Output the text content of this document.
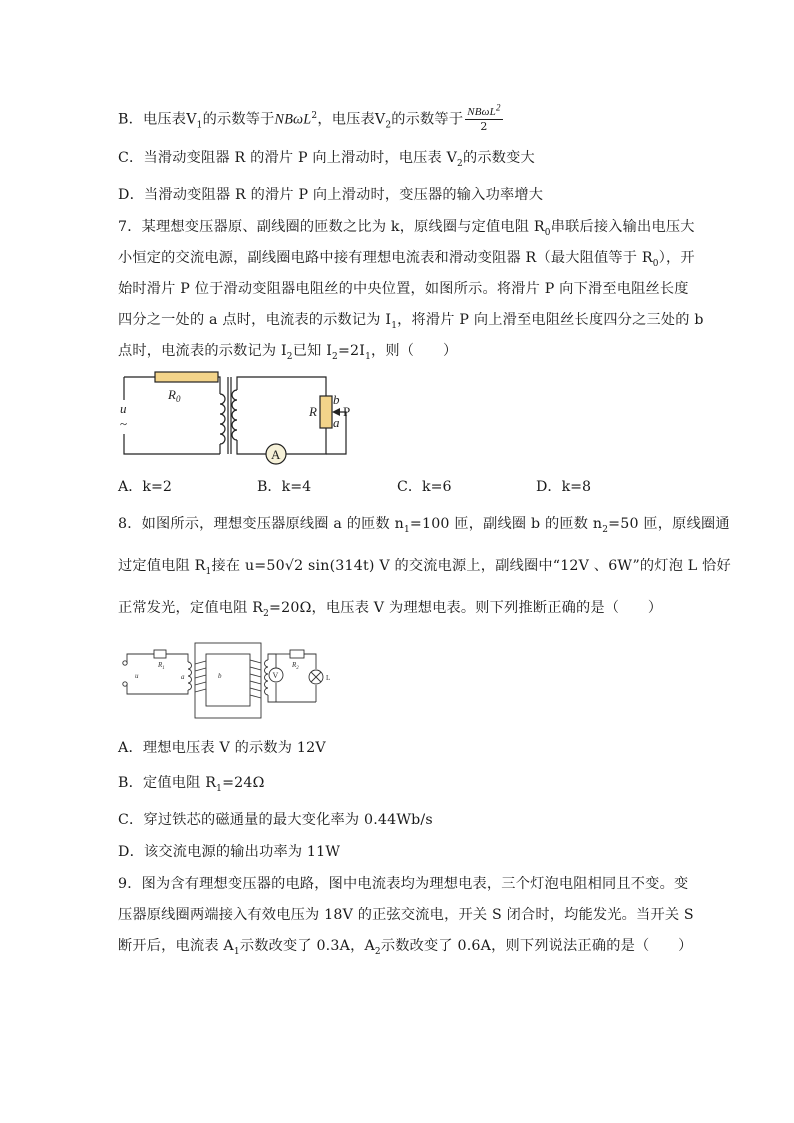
B．电压表$V_1$的示数等于NBωL$^2$，电压表$V_2$的示数等于 $\frac{NB\omega L^2}{2}$
C．当滑动变阻器 R 的滑片 P 向上滑动时，电压表 $V_2$的示数变大
D．当滑动变阻器 R 的滑片 P 向上滑动时，变压器的输入功率增大
7．某理想变压器原、副线圈的匝数之比为 k，原线圈与定值电阻 $R_0$串联后接入输出电压大
小恒定的交流电源，副线圈电路中接有理想电流表和滑动变阻器 R（最大阻值等于 $R_0$），开
始时滑片 P 位于滑动变阻器电阻丝的中央位置，如图所示。将滑片 P 向下滑至电阻丝长度
四分之一处的 a 点时，电流表的示数记为 $I_1$，将滑片 P 向上滑至电阻丝长度四分之三处的 b
点时，电流表的示数记为 $I_2$已知 $I_2=2I_1$，则（　　）
A
$R_0$
u
~
R
b
a
P
A．k=2	B．k=4	C．k=6	D．k=8
8．如图所示，理想变压器原线圈 a 的匝数 $n_1=100$ 匝，副线圈 b 的匝数 $n_2=50$ 匝，原线圈通
过定值电阻 $R_1$接在 u=50√2 sin(314t) V 的交流电源上，副线圈中“12V 、6W”的灯泡 L 恰好
正常发光，定值电阻 $R_2=20\Omega$，电压表 V 为理想电表。则下列推断正确的是（　　）
V	L
$R_1$	$R_2$
u	a	b
A．理想电压表 V 的示数为 12V
B．定值电阻 $R_1=24\Omega$
C．穿过铁芯的磁通量的最大变化率为 0.44Wb/s
D．该交流电源的输出功率为 11W
9．图为含有理想变压器的电路，图中电流表均为理想电表，三个灯泡电阻相同且不变。变
压器原线圈两端接入有效电压为 18V 的正弦交流电，开关 S 闭合时，均能发光。当开关 S
断开后，电流表 $A_1$示数改变了 0.3A，$A_2$示数改变了 0.6A，则下列说法正确的是（　　）
